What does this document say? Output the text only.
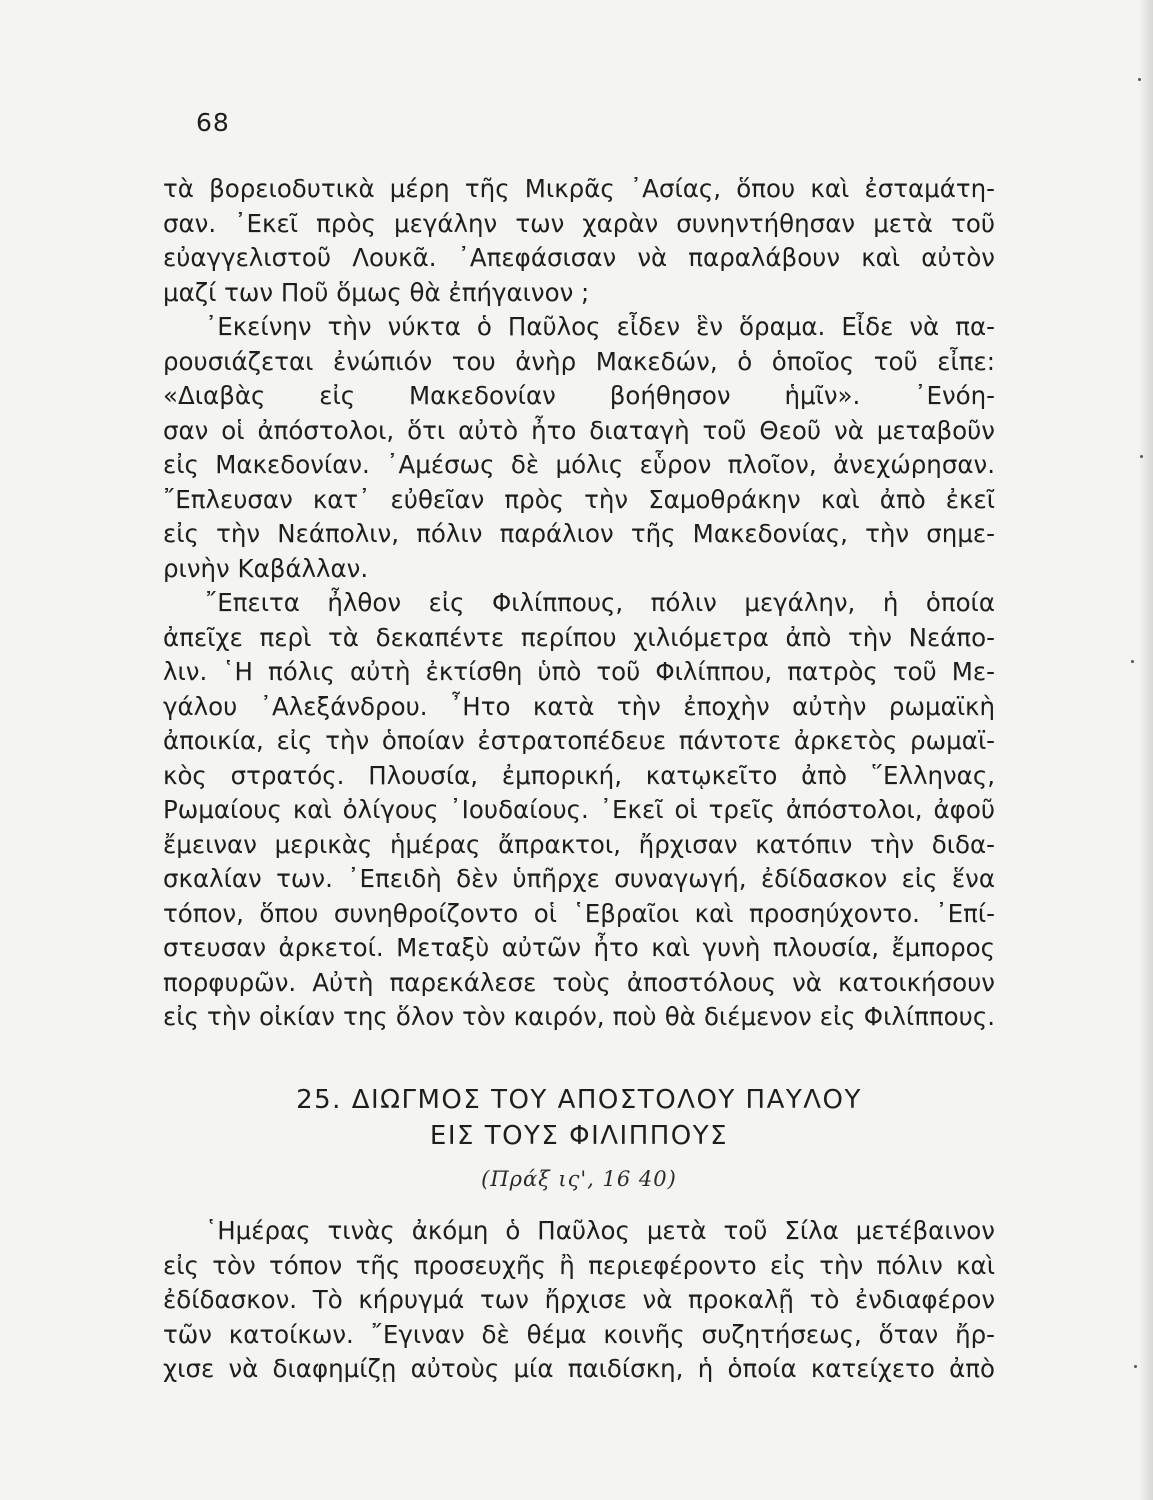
68
τὰ βορειοδυτικὰ μέρη τῆς Μικρᾶς ᾿Ασίας, ὅπου καὶ ἐσταμάτη-
σαν. ᾿Εκεῖ πρὸς μεγάλην των χαρὰν συνηντήθησαν μετὰ τοῦ
εὐαγγελιστοῦ Λουκᾶ. ᾿Απεφάσισαν νὰ παραλάβουν καὶ αὐτὸν
μαζί των Ποῦ ὅμως θὰ ἐπήγαινον ;
᾿Εκείνην τὴν νύκτα ὁ Παῦλος εἶδεν ἓν ὅραμα. Εἶδε νὰ πα-
ρουσιάζεται ἐνώπιόν του ἀνὴρ Μακεδών, ὁ ὁποῖος τοῦ εἶπε:
«Διαβὰς εἰς Μακεδονίαν βοήθησον ἡμῖν». ᾿Ενόη-
σαν οἱ ἀπόστολοι, ὅτι αὐτὸ ἦτο διαταγὴ τοῦ Θεοῦ νὰ μεταβοῦν
εἰς Μακεδονίαν. ᾿Αμέσως δὲ μόλις εὗρον πλοῖον, ἀνεχώρησαν.
῎Επλευσαν κατ᾿ εὐθεῖαν πρὸς τὴν Σαμοθράκην καὶ ἀπὸ ἐκεῖ
εἰς τὴν Νεάπολιν, πόλιν παράλιον τῆς Μακεδονίας, τὴν σημε-
ρινὴν Καβάλλαν.
῎Επειτα ἦλθον εἰς Φιλίππους, πόλιν μεγάλην, ἡ ὁποία
ἀπεῖχε περὶ τὰ δεκαπέντε περίπου χιλιόμετρα ἀπὸ τὴν Νεάπο-
λιν. ῾Η πόλις αὐτὴ ἐκτίσθη ὑπὸ τοῦ Φιλίππου, πατρὸς τοῦ Με-
γάλου ᾿Αλεξάνδρου. ῏Ητο κατὰ τὴν ἐποχὴν αὐτὴν ρωμαϊκὴ
ἀποικία, εἰς τὴν ὁποίαν ἐστρατοπέδευε πάντοτε ἀρκετὸς ρωμαϊ-
κὸς στρατός. Πλουσία, ἐμπορική, κατῳκεῖτο ἀπὸ ῞Ελληνας,
Ρωμαίους καὶ ὀλίγους ᾿Ιουδαίους. ᾿Εκεῖ οἱ τρεῖς ἀπόστολοι, ἀφοῦ
ἔμειναν μερικὰς ἡμέρας ἄπρακτοι, ἤρχισαν κατόπιν τὴν διδα-
σκαλίαν των. ᾿Επειδὴ δὲν ὑπῆρχε συναγωγή, ἐδίδασκον εἰς ἕνα
τόπον, ὅπου συνηθροίζοντο οἱ ῾Εβραῖοι καὶ προσηύχοντο. ᾿Επί-
στευσαν ἀρκετοί. Μεταξὺ αὐτῶν ἦτο καὶ γυνὴ πλουσία, ἔμπορος
πορφυρῶν. Αὐτὴ παρεκάλεσε τοὺς ἀποστόλους νὰ κατοικήσουν
εἰς τὴν οἰκίαν της ὅλον τὸν καιρόν, ποὺ θὰ διέμενον εἰς Φιλίππους.
25. ΔΙΩΓΜΟΣ ΤΟΥ ΑΠΟΣΤΟΛΟΥ ΠΑΥΛΟΥ
ΕΙΣ ΤΟΥΣ ΦΙΛΙΠΠΟΥΣ
(Πράξ ις', 16 40)
῾Ημέρας τινὰς ἀκόμη ὁ Παῦλος μετὰ τοῦ Σίλα μετέβαινον
εἰς τὸν τόπον τῆς προσευχῆς ἢ περιεφέροντο εἰς τὴν πόλιν καὶ
ἐδίδασκον. Τὸ κήρυγμά των ἤρχισε νὰ προκαλῇ τὸ ἐνδιαφέρον
τῶν κατοίκων. ῎Εγιναν δὲ θέμα κοινῆς συζητήσεως, ὅταν ἤρ-
χισε νὰ διαφημίζῃ αὐτοὺς μία παιδίσκη, ἡ ὁποία κατείχετο ἀπὸ
